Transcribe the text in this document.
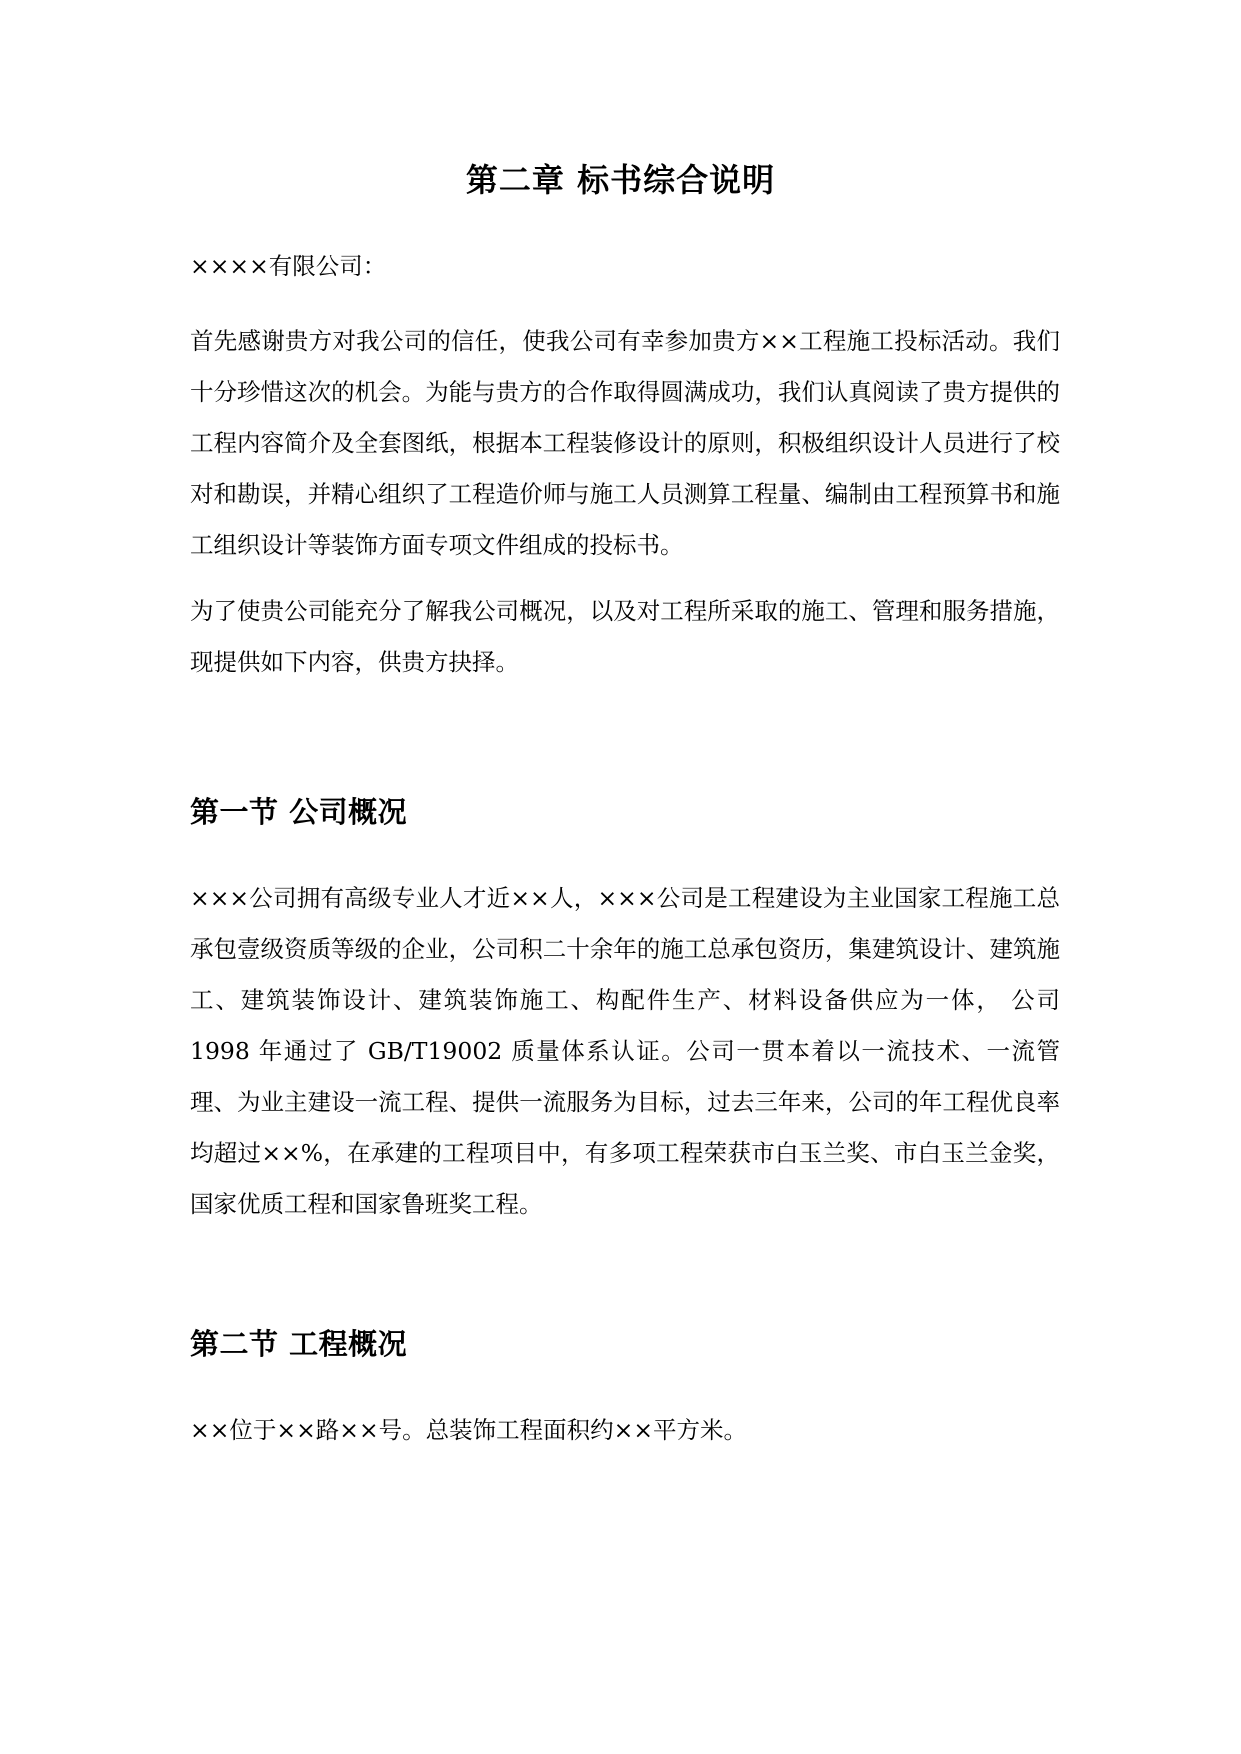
第二章 标书综合说明
××××有限公司：
首先感谢贵方对我公司的信任，使我公司有幸参加贵方××工程施工投标活动。我们十分珍惜这次的机会。为能与贵方的合作取得圆满成功，我们认真阅读了贵方提供的工程内容简介及全套图纸，根据本工程装修设计的原则，积极组织设计人员进行了校对和勘误，并精心组织了工程造价师与施工人员测算工程量、编制由工程预算书和施工组织设计等装饰方面专项文件组成的投标书。
为了使贵公司能充分了解我公司概况，以及对工程所采取的施工、管理和服务措施，现提供如下内容，供贵方抉择。
第一节 公司概况
×××公司拥有高级专业人才近××人，×××公司是工程建设为主业国家工程施工总承包壹级资质等级的企业，公司积二十余年的施工总承包资历，集建筑设计、建筑施工、建筑装饰设计、建筑装饰施工、构配件生产、材料设备供应为一体， 公司 1998 年通过了 GB/T19002 质量体系认证。公司一贯本着以一流技术、一流管理、为业主建设一流工程、提供一流服务为目标，过去三年来，公司的年工程优良率均超过××%，在承建的工程项目中，有多项工程荣获市白玉兰奖、市白玉兰金奖，国家优质工程和国家鲁班奖工程。
第二节 工程概况
××位于××路××号。总装饰工程面积约××平方米。
